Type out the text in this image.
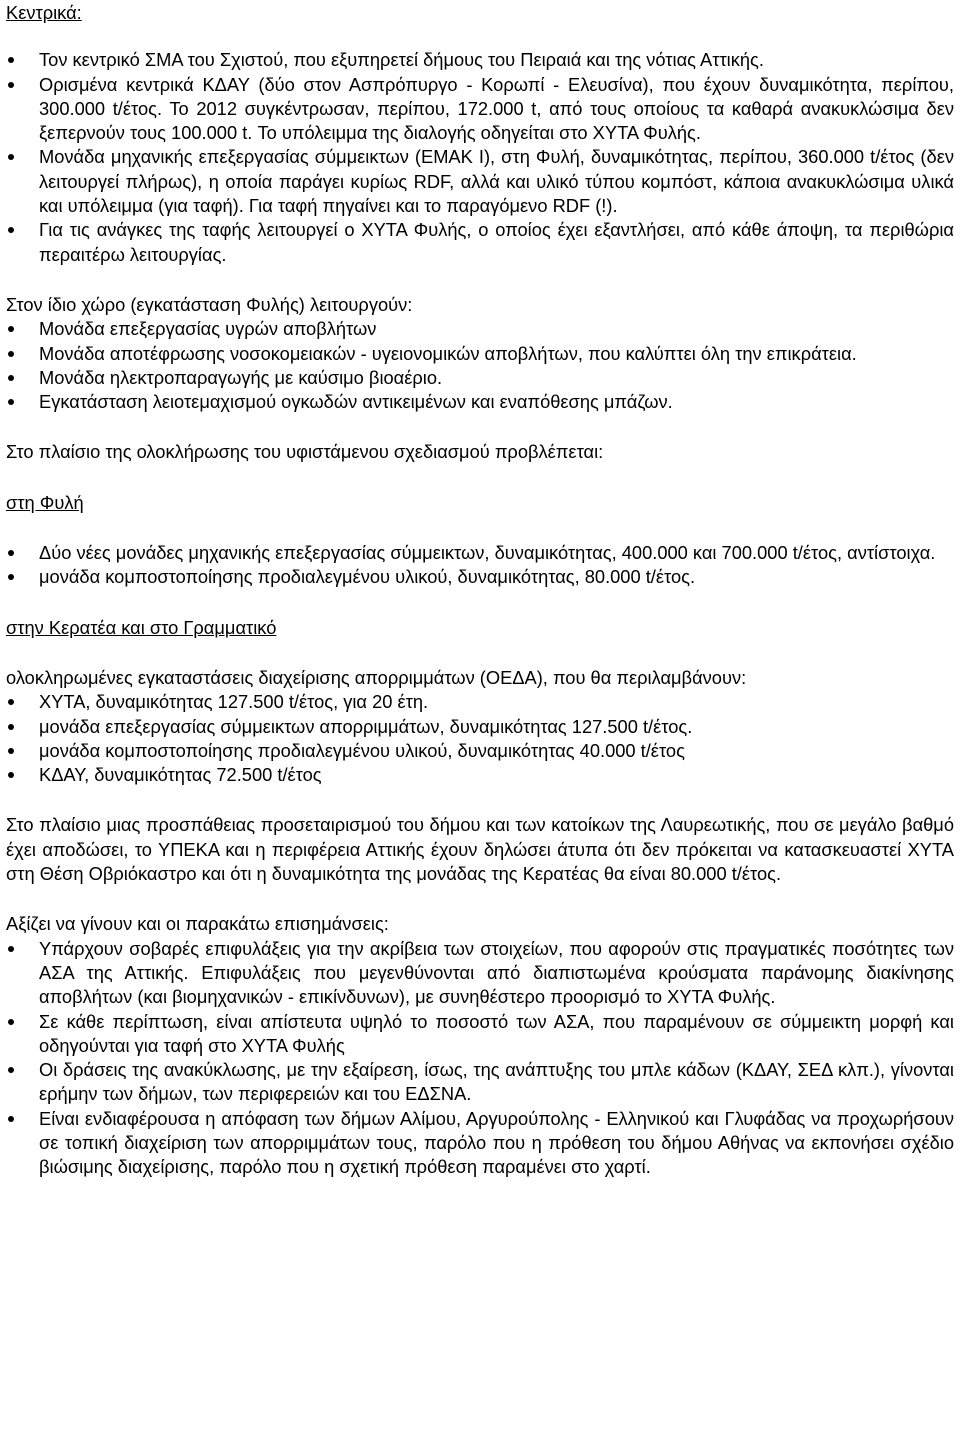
Κεντρικά:

Τον κεντρικό ΣΜΑ του Σχιστού, που εξυπηρετεί δήμους του Πειραιά και της νότιας Αττικής.
Ορισμένα κεντρικά ΚΔΑΥ (δύο στον Ασπρόπυργο - Κορωπί - Ελευσίνα), που έχουν δυναμικότητα, περίπου, 300.000 t/έτος. Το 2012 συγκέντρωσαν, περίπου, 172.000 t, από τους οποίους τα καθαρά ανακυκλώσιμα δεν ξεπερνούν τους 100.000 t. Το υπόλειμμα της διαλογής οδηγείται στο ΧΥΤΑ Φυλής.
Μονάδα μηχανικής επεξεργασίας σύμμεικτων (ΕΜΑΚ Ι), στη Φυλή, δυναμικότητας, περίπου, 360.000 t/έτος (δεν λειτουργεί πλήρως), η οποία παράγει κυρίως RDF, αλλά και υλικό τύπου κομπόστ, κάποια ανακυκλώσιμα υλικά και υπόλειμμα (για ταφή). Για ταφή πηγαίνει και το παραγόμενο RDF (!).
Για τις ανάγκες της ταφής λειτουργεί ο ΧΥΤΑ Φυλής, ο οποίος έχει εξαντλήσει, από κάθε άποψη, τα περιθώρια περαιτέρω λειτουργίας.

Στον ίδιο χώρο (εγκατάσταση Φυλής) λειτουργούν:

Μονάδα επεξεργασίας υγρών αποβλήτων
Μονάδα αποτέφρωσης νοσοκομειακών - υγειονομικών αποβλήτων, που καλύπτει όλη την επικράτεια.
Μονάδα ηλεκτροπαραγωγής με καύσιμο βιοαέριο.
Εγκατάσταση λειοτεμαχισμού ογκωδών αντικειμένων και εναπόθεσης μπάζων.

Στο πλαίσιο της ολοκλήρωσης του υφιστάμενου σχεδιασμού προβλέπεται:

στη Φυλή

Δύο νέες μονάδες μηχανικής επεξεργασίας σύμμεικτων, δυναμικότητας, 400.000 και 700.000 t/έτος, αντίστοιχα.
μονάδα κομποστοποίησης προδιαλεγμένου υλικού, δυναμικότητας, 80.000 t/έτος.

στην Κερατέα και στο Γραμματικό

ολοκληρωμένες εγκαταστάσεις διαχείρισης απορριμμάτων (ΟΕΔΑ), που θα περιλαμβάνουν:

ΧΥΤΑ, δυναμικότητας 127.500 t/έτος, για 20 έτη.
μονάδα επεξεργασίας σύμμεικτων απορριμμάτων, δυναμικότητας 127.500 t/έτος.
μονάδα κομποστοποίησης προδιαλεγμένου υλικού, δυναμικότητας 40.000 t/έτος
ΚΔΑΥ, δυναμικότητας 72.500 t/έτος

Στο πλαίσιο μιας προσπάθειας προσεταιρισμού του δήμου και των κατοίκων της Λαυρεωτικής, που σε μεγάλο βαθμό έχει αποδώσει, το ΥΠΕΚΑ και η περιφέρεια Αττικής έχουν δηλώσει άτυπα ότι δεν πρόκειται να κατασκευαστεί ΧΥΤΑ στη Θέση Οβριόκαστρο και ότι η δυναμικότητα της μονάδας της Κερατέας θα είναι 80.000 t/έτος.

Αξίζει να γίνουν και οι παρακάτω επισημάνσεις:

Υπάρχουν σοβαρές επιφυλάξεις για την ακρίβεια των στοιχείων, που αφορούν στις πραγματικές ποσότητες των ΑΣΑ της Αττικής. Επιφυλάξεις που μεγενθύνονται από διαπιστωμένα κρούσματα παράνομης διακίνησης αποβλήτων (και βιομηχανικών - επικίνδυνων), με συνηθέστερο προορισμό το ΧΥΤΑ Φυλής.
Σε κάθε περίπτωση, είναι απίστευτα υψηλό το ποσοστό των ΑΣΑ, που παραμένουν σε σύμμεικτη μορφή και οδηγούνται για ταφή στο ΧΥΤΑ Φυλής
Οι δράσεις της ανακύκλωσης, με την εξαίρεση, ίσως, της ανάπτυξης του μπλε κάδων (ΚΔΑΥ, ΣΕΔ κλπ.), γίνονται ερήμην των δήμων, των περιφερειών και του ΕΔΣΝΑ.
Είναι ενδιαφέρουσα η απόφαση των δήμων Αλίμου, Αργυρούπολης - Ελληνικού και Γλυφάδας να προχωρήσουν σε τοπική διαχείριση των απορριμμάτων τους, παρόλο που η πρόθεση του δήμου Αθήνας να εκπονήσει σχέδιο βιώσιμης διαχείρισης, παρόλο που η σχετική πρόθεση παραμένει στο χαρτί.
